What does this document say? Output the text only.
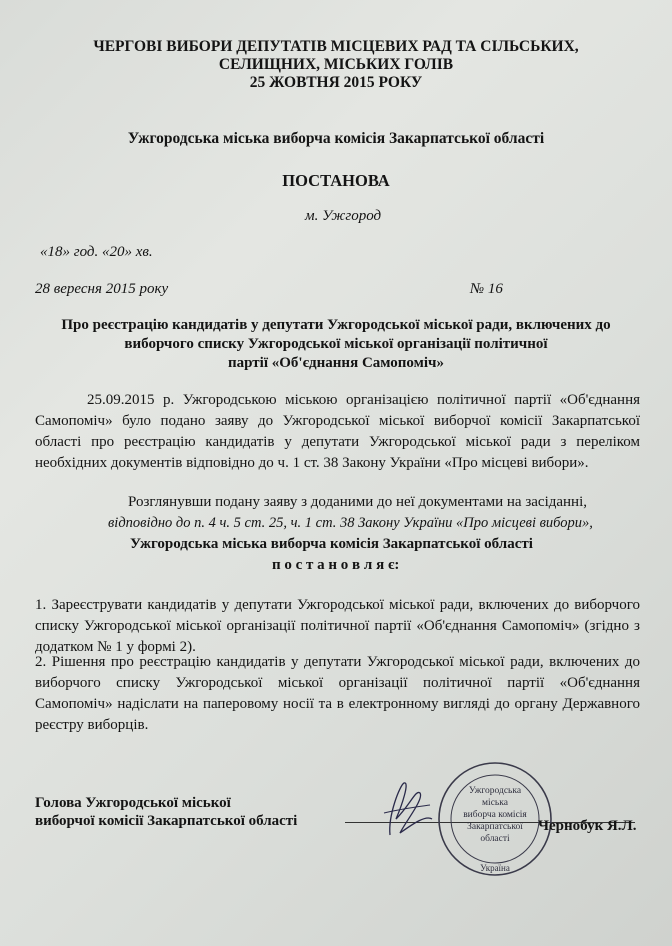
ЧЕРГОВІ ВИБОРИ ДЕПУТАТІВ МІСЦЕВИХ РАД ТА СІЛЬСЬКИХ,
СЕЛИЩНИХ, МІСЬКИХ ГОЛІВ
25 ЖОВТНЯ 2015 РОКУ
Ужгородська міська виборча комісія Закарпатської області
ПОСТАНОВА
м. Ужгород
«18» год. «20» хв.
28 вересня 2015 року	№ 16
Про реєстрацію кандидатів у депутати Ужгородської міської ради, включених до
виборчого списку Ужгородської міської організації політичної
партії «Об'єднання Самопоміч»
25.09.2015 р. Ужгородською міською організацією політичної партії «Об'єднання
Самопоміч» було подано заяву до Ужгородської міської виборчої комісії Закарпатської
області про реєстрацію кандидатів у депутати Ужгородської міської ради з переліком
необхідних документів відповідно до ч. 1 ст. 38 Закону України «Про місцеві вибори».
Розглянувши подану заяву з доданими до неї документами на засіданні,
відповідно до п. 4 ч. 5 ст. 25, ч. 1 ст. 38 Закону України «Про місцеві вибори»,
Ужгородська міська виборча комісія Закарпатської області
п о с т а н о в л я є:
1. Зареєструвати кандидатів у депутати Ужгородської міської ради, включених до виборчого
списку Ужгородської міської організації політичної партії «Об'єднання Самопоміч» (згідно з
додатком № 1 у формі 2).
2. Рішення про реєстрацію кандидатів у депутати Ужгородської міської ради, включених до
виборчого списку Ужгородської міської організації політичної партії «Об'єднання
Самопоміч» надіслати на паперовому носії та в електронному вигляді до органу Державного
реєстру виборців.
Голова Ужгородської міської
виборчої комісії Закарпатської області
Ужгородська
міська
виборча комісія
Закарпатської
області
Україна
Чернобук Я.Л.
